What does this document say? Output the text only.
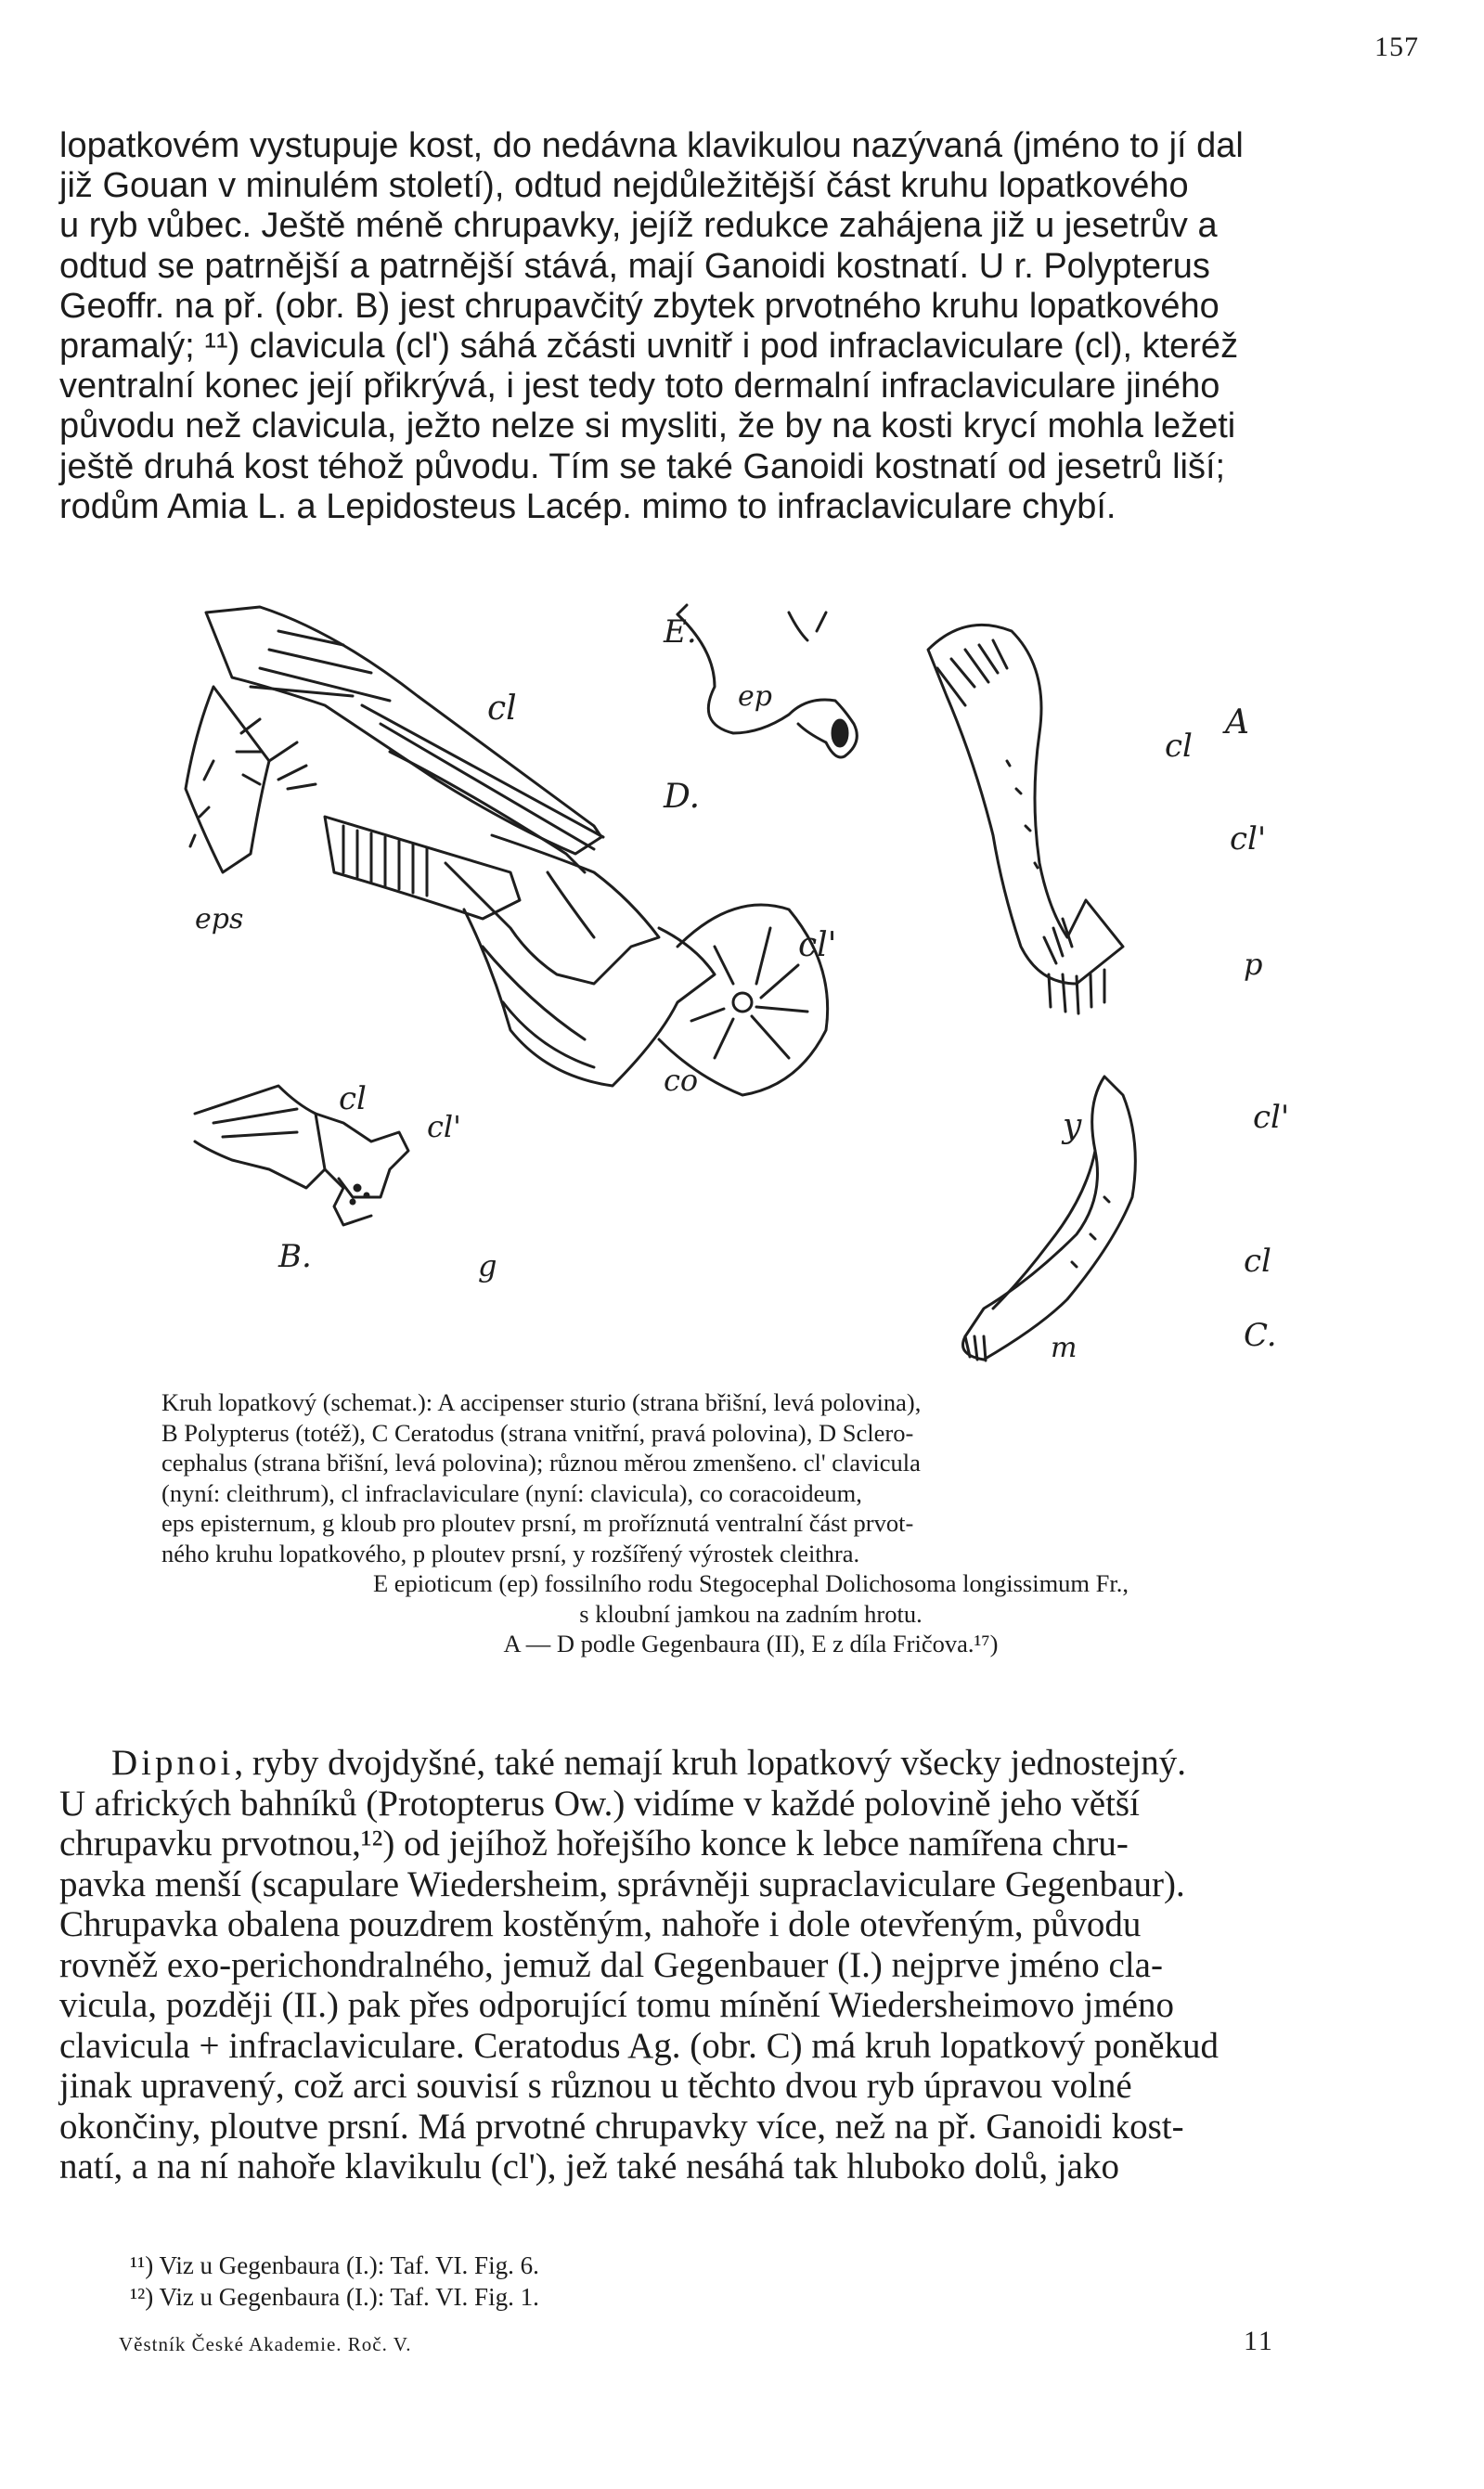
157
lopatkovém vystupuje kost, do nedávna klavikulou nazývaná (jméno to jí dal
již Gouan v minulém století), odtud nejdůležitější část kruhu lopatkového
u ryb vůbec. Ještě méně chrupavky, jejíž redukce zahájena již u jesetrův a
odtud se patrnější a patrnější stává, mají Ganoidi kostnatí. U r. Polypterus
Geoffr. na př. (obr. B) jest chrupavčitý zbytek prvotného kruhu lopatkového
pramalý; ¹¹) clavicula (cl') sáhá zčásti uvnitř i pod infraclaviculare (cl), kteréž
ventralní konec její přikrývá, i jest tedy toto dermalní infraclaviculare jiného
původu než clavicula, ježto nelze si mysliti, že by na kosti krycí mohla ležeti
ještě druhá kost téhož původu. Tím se také Ganoidi kostnatí od jesetrů liší;
rodům Amia L. a Lepidosteus Lacép. mimo to infraclaviculare chybí.
cl
D.
eps
cl'
co
y
E.
ep
cl
A
cl'
p
cl
cl'
B.	g
cl'
cl
m	C.
Kruh lopatkový (schemat.): A accipenser sturio (strana břišní, levá polovina),
B Polypterus (totéž), C Ceratodus (strana vnitřní, pravá polovina), D Sclero-
cephalus (strana břišní, levá polovina); různou měrou zmenšeno. cl' clavicula
(nyní: cleithrum), cl infraclaviculare (nyní: clavicula), co coracoideum,
eps episternum, g kloub pro ploutev prsní, m proříznutá ventralní část prvot-
ného kruhu lopatkového, p ploutev prsní, y rozšířený výrostek cleithra.
E epioticum (ep) fossilního rodu Stegocephal Dolichosoma longissimum Fr.,
s kloubní jamkou na zadním hrotu.
A — D podle Gegenbaura (II), E z díla Fričova.¹⁷)
Dipnoi, ryby dvojdyšné, také nemají kruh lopatkový všecky jednostejný.
U afrických bahníků (Protopterus Ow.) vidíme v každé polovině jeho větší
chrupavku prvotnou,¹²) od jejíhož hořejšího konce k lebce namířena chru-
pavka menší (scapulare Wiedersheim, správněji supraclaviculare Gegenbaur).
Chrupavka obalena pouzdrem kostěným, nahoře i dole otevřeným, původu
rovněž exo-perichondralného, jemuž dal Gegenbauer (I.) nejprve jméno cla-
vicula, později (II.) pak přes odporující tomu mínění Wiedersheimovo jméno
clavicula + infraclaviculare. Ceratodus Ag. (obr. C) má kruh lopatkový poněkud
jinak upravený, což arci souvisí s různou u těchto dvou ryb úpravou volné
okončiny, ploutve prsní. Má prvotné chrupavky více, než na př. Ganoidi kost-
natí, a na ní nahoře klavikulu (cl'), jež také nesáhá tak hluboko dolů, jako
¹¹) Viz u Gegenbaura (I.): Taf. VI. Fig. 6.
¹²) Viz u Gegenbaura (I.): Taf. VI. Fig. 1.
Věstník České Akademie. Roč. V.	11
